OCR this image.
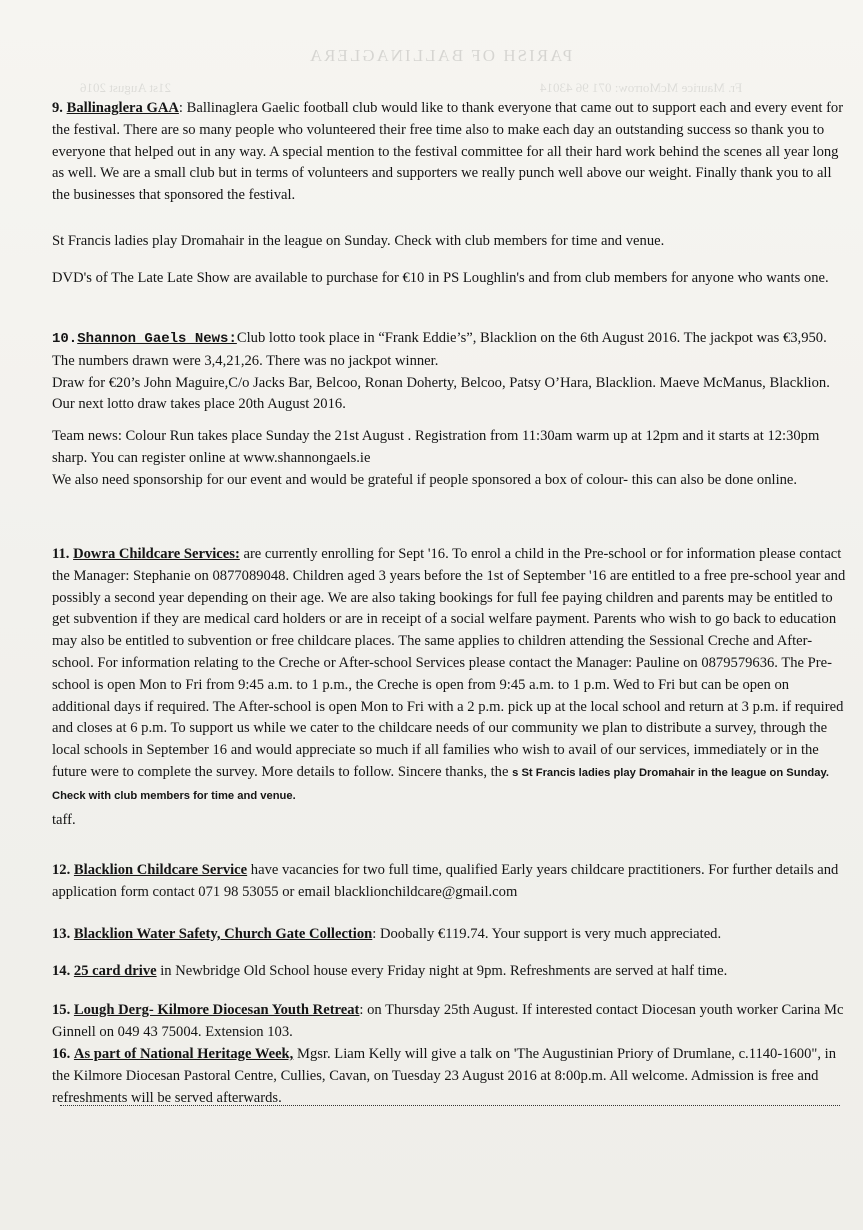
PARISH OF BALLINAGLERA
21st August 2016	Fr. Maurice McMorrow: 071 96 43014
9. Ballinaglera GAA: Ballinaglera Gaelic football club would like to thank everyone that came out to support each and every event for the festival. There are so many people who volunteered their free time also to make each day an outstanding success so thank you to everyone that helped out in any way. A special mention to the festival committee for all their hard work behind the scenes all year long as well. We are a small club but in terms of volunteers and supporters we really punch well above our weight. Finally thank you to all the businesses that sponsored the festival.
St Francis ladies play Dromahair in the league on Sunday. Check with club members for time and venue.
DVD's of The Late Late Show are available to purchase for €10 in PS Loughlin's and from club members for anyone who wants one.
10.Shannon Gaels News:Club lotto took place in “Frank Eddie’s”, Blacklion on the 6th August 2016. The jackpot was €3,950. The numbers drawn were 3,4,21,26. There was no jackpot winner.
Draw for €20’s John Maguire,C/o Jacks Bar, Belcoo, Ronan Doherty, Belcoo, Patsy O’Hara, Blacklion. Maeve McManus, Blacklion. Our next lotto draw takes place 20th August 2016.
Team news: Colour Run takes place Sunday the 21st August . Registration from 11:30am warm up at 12pm and it starts at 12:30pm sharp. You can register online at www.shannongaels.ie
We also need sponsorship for our event and would be grateful if people sponsored a box of colour- this can also be done online.
11. Dowra Childcare Services: are currently enrolling for Sept '16. To enrol a child in the Pre-school or for information please contact the Manager: Stephanie on 0877089048. Children aged 3 years before the 1st of September '16 are entitled to a free pre-school year and possibly a second year depending on their age. We are also taking bookings for full fee paying children and parents may be entitled to get subvention if they are medical card holders or are in receipt of a social welfare payment. Parents who wish to go back to education may also be entitled to subvention or free childcare places. The same applies to children attending the Sessional Creche and After-school. For information relating to the Creche or After-school Services please contact the Manager: Pauline on 0879579636. The Pre-school is open Mon to Fri from 9:45 a.m. to 1 p.m., the Creche is open from 9:45 a.m. to 1 p.m. Wed to Fri but can be open on additional days if required. The After-school is open Mon to Fri with a 2 p.m. pick up at the local school and return at 3 p.m. if required and closes at 6 p.m. To support us while we cater to the childcare needs of our community we plan to distribute a survey, through the local schools in September 16 and would appreciate so much if all families who wish to avail of our services, immediately or in the future were to complete the survey. More details to follow. Sincere thanks, the s St Francis ladies play Dromahair in the league on Sunday. Check with club members for time and venue.
taff.
12. Blacklion Childcare Service have vacancies for two full time, qualified Early years childcare practitioners. For further details and application form contact 071 98 53055 or email blacklionchildcare@gmail.com
13. Blacklion Water Safety, Church Gate Collection: Doobally €119.74. Your support is very much appreciated.
14. 25 card drive in Newbridge Old School house every Friday night at 9pm. Refreshments are served at half time.
15. Lough Derg- Kilmore Diocesan Youth Retreat: on Thursday 25th August. If interested contact Diocesan youth worker Carina Mc Ginnell on 049 43 75004. Extension 103.
16. As part of National Heritage Week, Mgsr. Liam Kelly will give a talk on 'The Augustinian Priory of Drumlane, c.1140-1600", in the Kilmore Diocesan Pastoral Centre, Cullies, Cavan, on Tuesday 23 August 2016 at 8:00p.m. All welcome. Admission is free and refreshments will be served afterwards.
